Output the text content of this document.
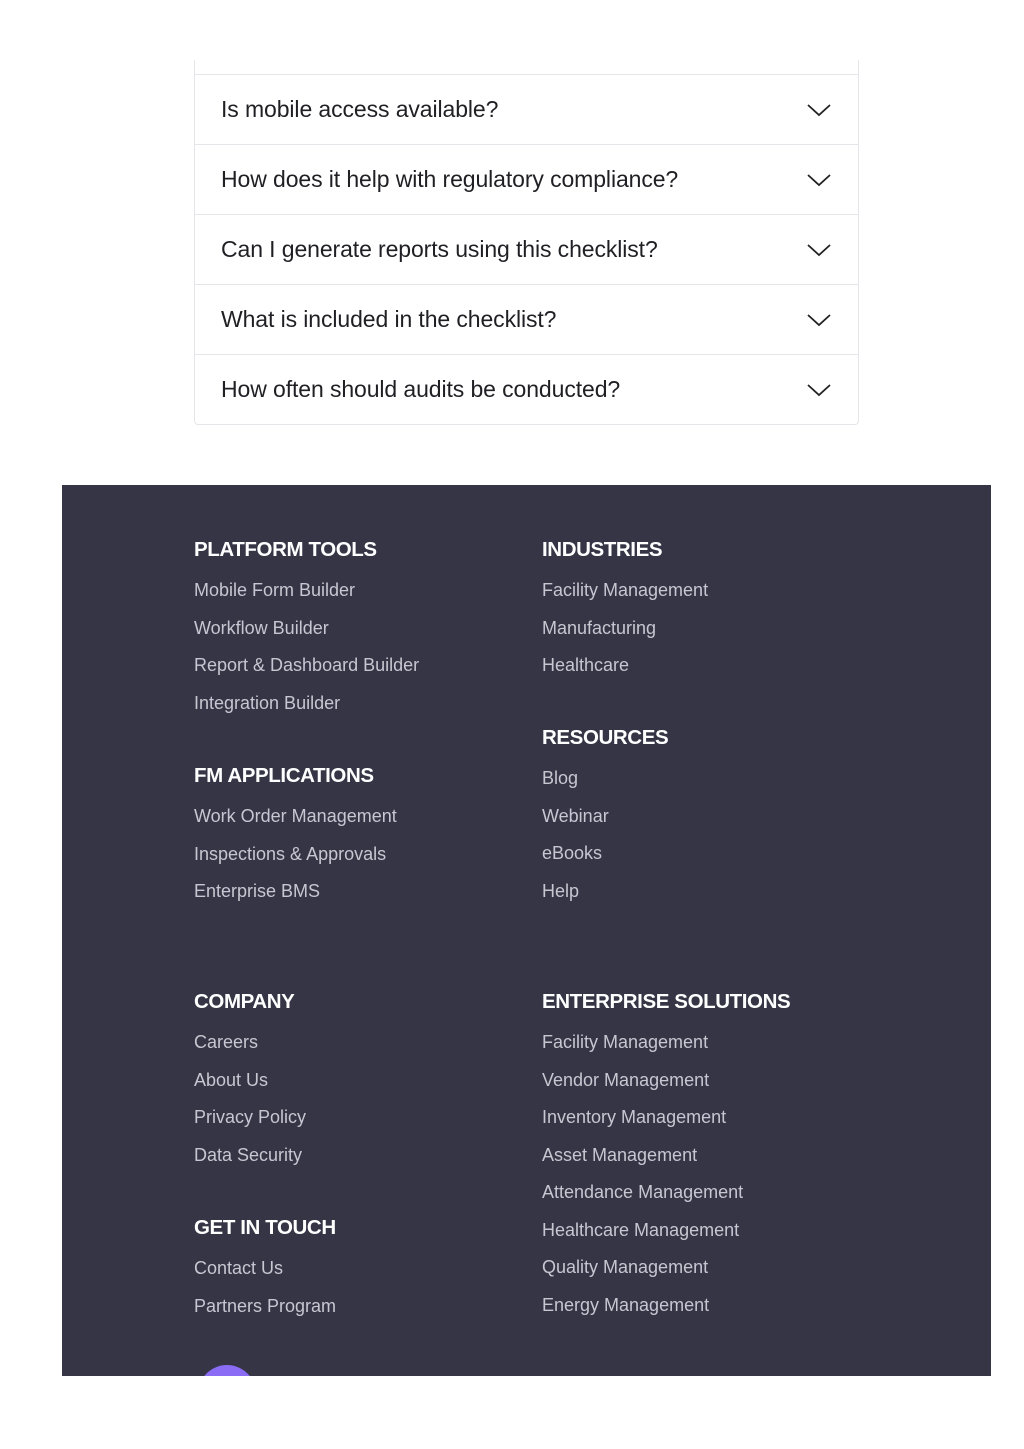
Is mobile access available?
How does it help with regulatory compliance?
Can I generate reports using this checklist?
What is included in the checklist?
How often should audits be conducted?
PLATFORM TOOLS
Mobile Form Builder
Workflow Builder
Report & Dashboard Builder
Integration Builder
FM APPLICATIONS
Work Order Management
Inspections & Approvals
Enterprise BMS
INDUSTRIES
Facility Management
Manufacturing
Healthcare
RESOURCES
Blog
Webinar
eBooks
Help
COMPANY
Careers
About Us
Privacy Policy
Data Security
GET IN TOUCH
Contact Us
Partners Program
ENTERPRISE SOLUTIONS
Facility Management
Vendor Management
Inventory Management
Asset Management
Attendance Management
Healthcare Management
Quality Management
Energy Management
